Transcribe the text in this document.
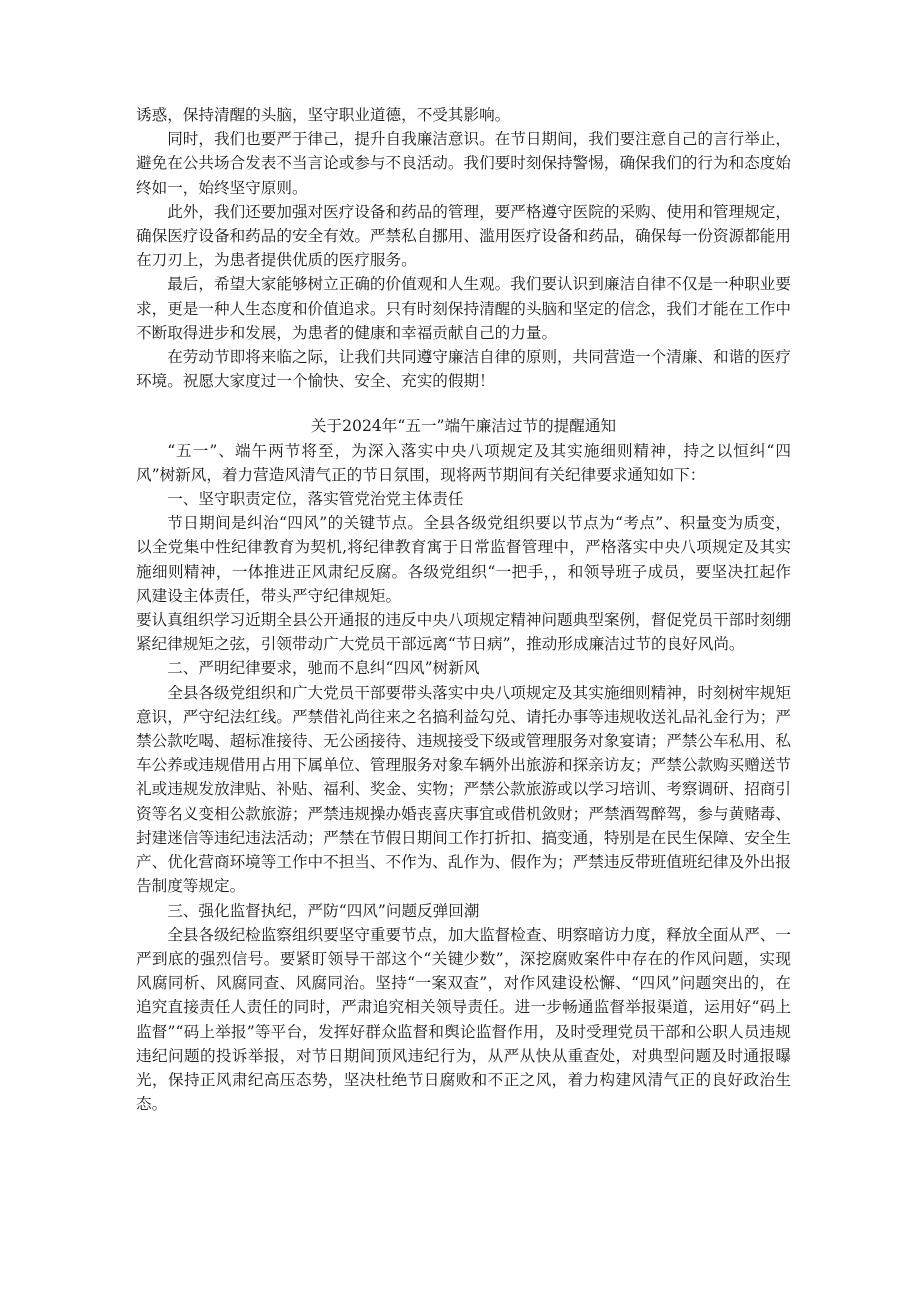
诱惑，保持清醒的头脑，坚守职业道德，不受其影响。

同时，我们也要严于律己，提升自我廉洁意识。在节日期间，我们要注意自己的言行举止，避免在公共场合发表不当言论或参与不良活动。我们要时刻保持警惕，确保我们的行为和态度始终如一，始终坚守原则。

此外，我们还要加强对医疗设备和药品的管理，要严格遵守医院的采购、使用和管理规定，确保医疗设备和药品的安全有效。严禁私自挪用、滥用医疗设备和药品，确保每一份资源都能用在刀刃上，为患者提供优质的医疗服务。

最后，希望大家能够树立正确的价值观和人生观。我们要认识到廉洁自律不仅是一种职业要求，更是一种人生态度和价值追求。只有时刻保持清醒的头脑和坚定的信念，我们才能在工作中不断取得进步和发展，为患者的健康和幸福贡献自己的力量。

在劳动节即将来临之际，让我们共同遵守廉洁自律的原则，共同营造一个清廉、和谐的医疗环境。祝愿大家度过一个愉快、安全、充实的假期！

关于2024年“五一”端午廉洁过节的提醒通知

“五一”、端午两节将至，为深入落实中央八项规定及其实施细则精神，持之以恒纠“四风”树新风，着力营造风清气正的节日氛围，现将两节期间有关纪律要求通知如下：

一、坚守职责定位，落实管党治党主体责任

节日期间是纠治“四风”的关键节点。全县各级党组织要以节点为“考点”、积量变为质变，以全党集中性纪律教育为契机,将纪律教育寓于日常监督管理中，严格落实中央八项规定及其实施细则精神，一体推进正风肃纪反腐。各级党组织“一把手，，和领导班子成员，要坚决扛起作风建设主体责任，带头严守纪律规矩。

要认真组织学习近期全县公开通报的违反中央八项规定精神问题典型案例，督促党员干部时刻绷紧纪律规矩之弦，引领带动广大党员干部远离“节日病”，推动形成廉洁过节的良好风尚。

二、严明纪律要求，驰而不息纠“四风”树新风

全县各级党组织和广大党员干部要带头落实中央八项规定及其实施细则精神，时刻树牢规矩意识，严守纪法红线。严禁借礼尚往来之名搞利益勾兑、请托办事等违规收送礼品礼金行为；严禁公款吃喝、超标准接待、无公函接待、违规接受下级或管理服务对象宴请；严禁公车私用、私车公养或违规借用占用下属单位、管理服务对象车辆外出旅游和探亲访友；严禁公款购买赠送节礼或违规发放津贴、补贴、福利、奖金、实物；严禁公款旅游或以学习培训、考察调研、招商引资等名义变相公款旅游；严禁违规操办婚丧喜庆事宜或借机敛财；严禁酒驾醉驾，参与黄赌毒、封建迷信等违纪违法活动；严禁在节假日期间工作打折扣、搞变通，特别是在民生保障、安全生产、优化营商环境等工作中不担当、不作为、乱作为、假作为；严禁违反带班值班纪律及外出报告制度等规定。

三、强化监督执纪，严防“四风”问题反弹回潮

全县各级纪检监察组织要坚守重要节点，加大监督检查、明察暗访力度，释放全面从严、一严到底的强烈信号。要紧盯领导干部这个“关键少数”，深挖腐败案件中存在的作风问题，实现风腐同析、风腐同查、风腐同治。坚持“一案双查”，对作风建设松懈、“四风”问题突出的，在追究直接责任人责任的同时，严肃追究相关领导责任。进一步畅通监督举报渠道，运用好“码上监督”“码上举报”等平台，发挥好群众监督和舆论监督作用，及时受理党员干部和公职人员违规违纪问题的投诉举报，对节日期间顶风违纪行为，从严从快从重查处，对典型问题及时通报曝光，保持正风肃纪高压态势，坚决杜绝节日腐败和不正之风，着力构建风清气正的良好政治生态。
